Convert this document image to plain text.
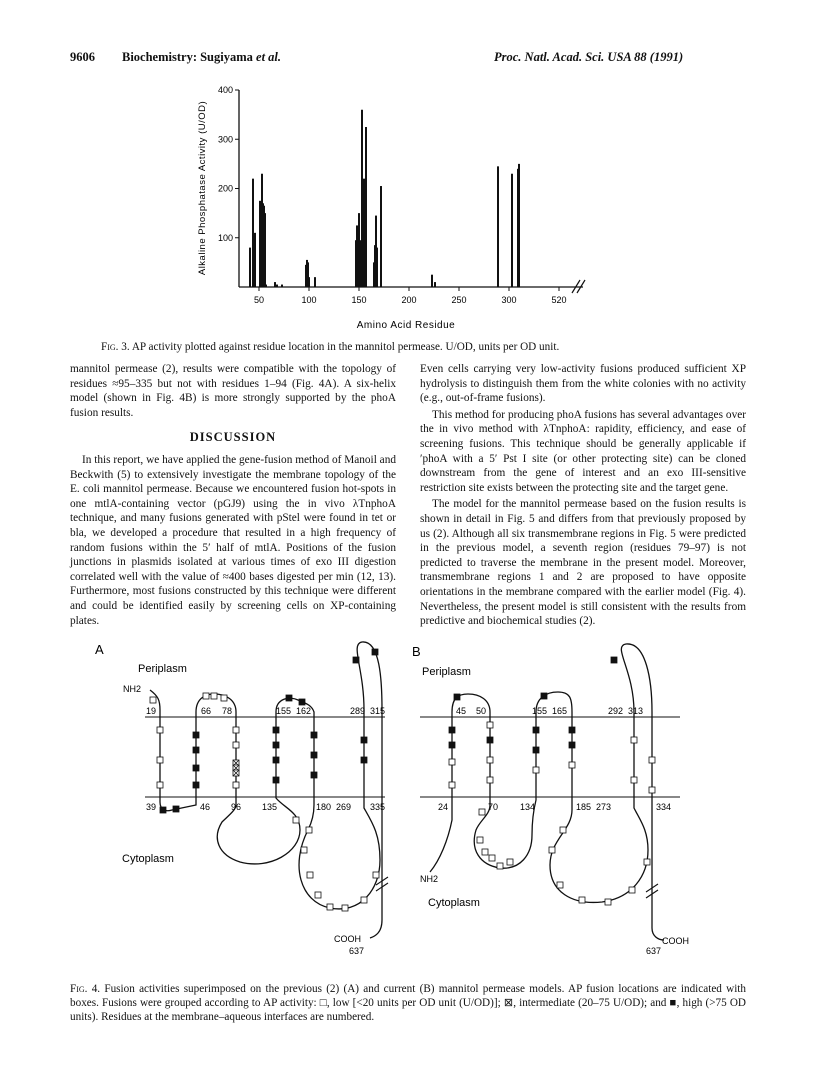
9606 Biochemistry: Sugiyama et al.	Proc. Natl. Acad. Sci. USA 88 (1991)
100
200
300
400
50	100	150	200	250	300	520
Alkaline Phosphatase Activity (U/OD)
Amino Acid Residue
Fig. 3. AP activity plotted against residue location in the mannitol permease. U/OD, units per OD unit.

mannitol permease (2), results were compatible with the topology of residues ≈95–335 but not with residues 1–94 (Fig. 4A). A six-helix model (shown in Fig. 4B) is more strongly supported by the phoA fusion results.

DISCUSSION

In this report, we have applied the gene-fusion method of Manoil and Beckwith (5) to extensively investigate the membrane topology of the E. coli mannitol permease. Because we encountered fusion hot-spots in one mtlA-containing vector (pGJ9) using the in vivo λTnphoA technique, and many fusions generated with pStel were found in tet or bla, we developed a procedure that resulted in a high frequency of random fusions within the 5′ half of mtlA. Positions of the fusion junctions in plasmids isolated at various times of exo III digestion correlated well with the value of ≈400 bases digested per min (12, 13). Furthermore, most fusions constructed by this technique were different and could be identified easily by screening cells on XP-containing plates.

Even cells carrying very low-activity fusions produced sufficient XP hydrolysis to distinguish them from the white colonies with no activity (e.g., out-of-frame fusions).

This method for producing phoA fusions has several advantages over the in vivo method with λTnphoA: rapidity, efficiency, and ease of screening fusions. This technique should be generally applicable if ′phoA with a 5′ Pst I site (or other protecting site) can be cloned downstream from the gene of interest and an exo III-sensitive restriction site exists between the protecting site and the target gene.

The model for the mannitol permease based on the fusion results is shown in detail in Fig. 5 and differs from that previously proposed by us (2). Although all six transmembrane regions in Fig. 5 were predicted in the previous model, a seventh region (residues 79–97) is not predicted to traverse the membrane in the present model. Moreover, transmembrane regions 1 and 2 are proposed to have opposite orientations in the membrane compared with the earlier model (Fig. 4). Nevertheless, the present model is still consistent with the results from predictive and biochemical studies (2).

A
Periplasm
NH2
Cytoplasm
COOH
637
19	66 78	155 162	289 315
39	46 96 135	180 269 335
B
Periplasm
NH2
Cytoplasm
COOH
637
45 50	155 165	292 313
24	70 134	185 273	334
Fig. 4. Fusion activities superimposed on the previous (2) (A) and current (B) mannitol permease models. AP fusion locations are indicated with boxes. Fusions were grouped according to AP activity: □, low [<20 units per OD unit (U/OD)]; ⊠, intermediate (20–75 U/OD); and ■, high (>75 OD units). Residues at the membrane–aqueous interfaces are numbered.
